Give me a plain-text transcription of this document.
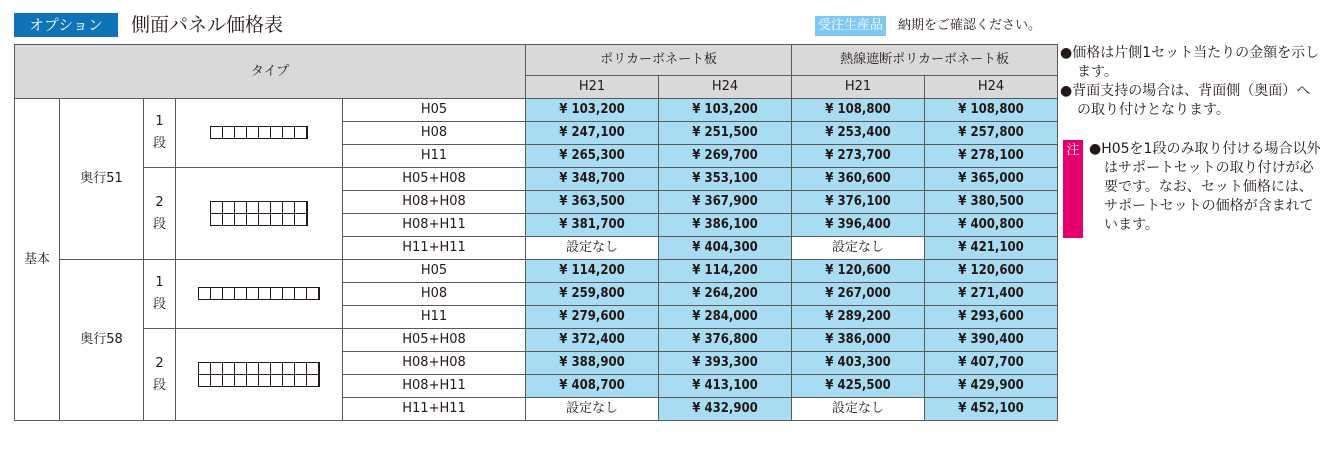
オプション	側面パネル価格表	受注生産品 納期をご確認ください。
タイプ					ポリカーボネート板		熱線遮断ポリカーボネート板	
					H21	H24	H21	H24
基本	奥行51	1段		H05	¥ 103,200	¥ 103,200	¥ 108,800	¥ 108,800
				H08	¥ 247,100	¥ 251,500	¥ 253,400	¥ 257,800
				H11	¥ 265,300	¥ 269,700	¥ 273,700	¥ 278,100
		2段		H05+H08	¥ 348,700	¥ 353,100	¥ 360,600	¥ 365,000
				H08+H08	¥ 363,500	¥ 367,900	¥ 376,100	¥ 380,500
				H08+H11	¥ 381,700	¥ 386,100	¥ 396,400	¥ 400,800
				H11+H11	設定なし	¥ 404,300	設定なし	¥ 421,100
	奥行58	1段		H05	¥ 114,200	¥ 114,200	¥ 120,600	¥ 120,600
				H08	¥ 259,800	¥ 264,200	¥ 267,000	¥ 271,400
				H11	¥ 279,600	¥ 284,000	¥ 289,200	¥ 293,600
		2段		H05+H08	¥ 372,400	¥ 376,800	¥ 386,000	¥ 390,400
				H08+H08	¥ 388,900	¥ 393,300	¥ 403,300	¥ 407,700
				H08+H11	¥ 408,700	¥ 413,100	¥ 425,500	¥ 429,900
				H11+H11	設定なし	¥ 432,900	設定なし	¥ 452,100
●価格は片側1セット当たりの金額を示します。
●背面支持の場合は、背面側（奥面）への取り付けとなります。
注 ●H05を1段のみ取り付ける場合以外はサポートセットの取り付けが必要です。なお、セット価格には、サポートセットの価格が含まれています。
